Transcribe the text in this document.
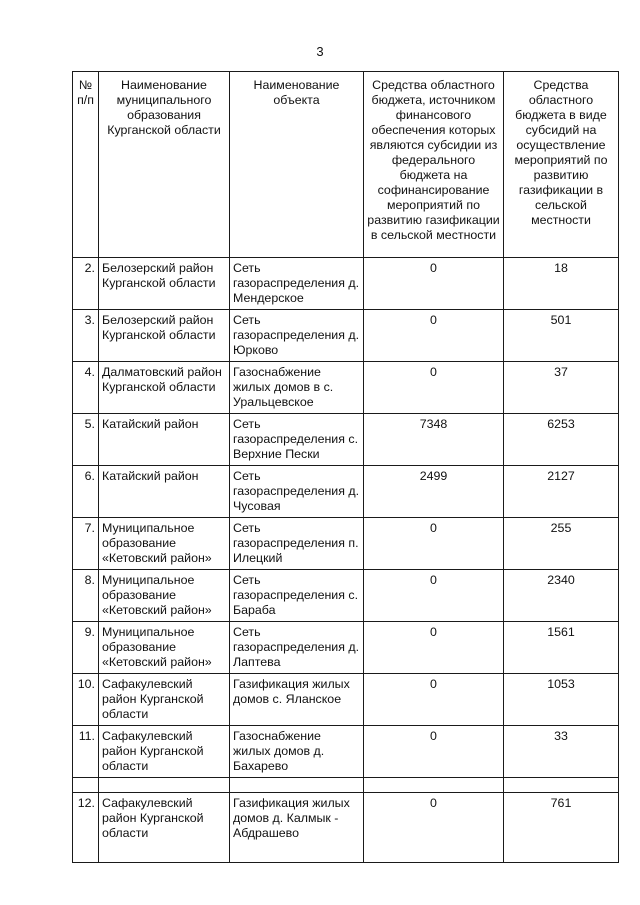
3
№ п/п	Наименование муниципального образования Курганской области	Наименование объекта	Средства областного бюджета, источником финансового обеспечения которых являются субсидии из федерального бюджета на софинансирование мероприятий по развитию газификации в сельской местности	Средства областного бюджета в виде субсидий на осуществление мероприятий по развитию газификации в сельской местности
2.	Белозерский район Курганской области	Сеть газораспределения д. Мендерское	0	18
3.	Белозерский район Курганской области	Сеть газораспределения д. Юрково	0	501
4.	Далматовский район Курганской области	Газоснабжение жилых домов в с. Уральцевское	0	37
5.	Катайский район	Сеть газораспределения с. Верхние Пески	7348	6253
6.	Катайский район	Сеть газораспределения д. Чусовая	2499	2127
7.	Муниципальное образование «Кетовский район»	Сеть газораспределения п. Илецкий	0	255
8.	Муниципальное образование «Кетовский район»	Сеть газораспределения с. Бараба	0	2340
9.	Муниципальное образование «Кетовский район»	Сеть газораспределения д. Лаптева	0	1561
10.	Сафакулевский район Курганской области	Газификация жилых домов с. Яланское	0	1053
11.	Сафакулевский район Курганской области	Газоснабжение жилых домов д. Бахарево	0	33

12.	Сафакулевский район Курганской области	Газификация жилых домов д. Калмык - Абдрашево	0	761
